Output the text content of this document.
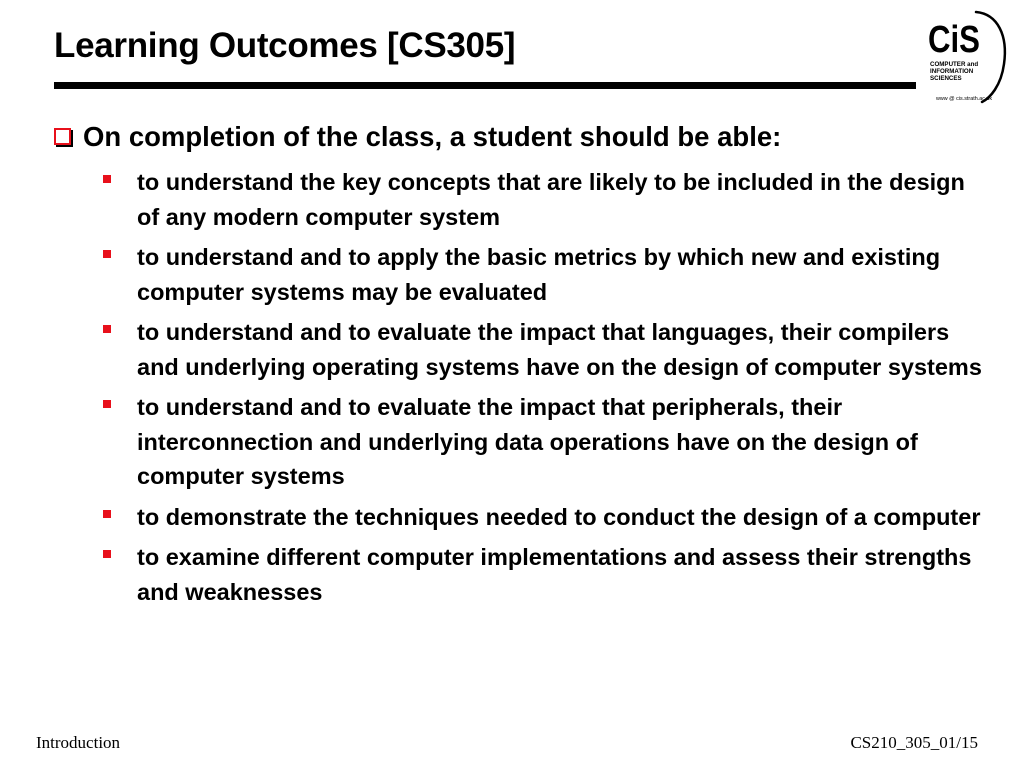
Learning Outcomes [CS305]	CiS
COMPUTER and
INFORMATION
SCIENCES
www @ cis.strath.ac.uk
On completion of the class, a student should be able:
to understand the key concepts that are likely to be included in the design of any modern computer system
to understand and to apply the basic metrics by which new and existing computer systems may be evaluated
to understand and to evaluate the impact that languages, their compilers and underlying operating systems have on the design of computer systems
to understand and to evaluate the impact that peripherals, their interconnection and underlying data operations have on the design of computer systems
to demonstrate the techniques needed to conduct the design of a computer
to examine different computer implementations and assess their strengths and weaknesses
Introduction	CS210_305_01/15
